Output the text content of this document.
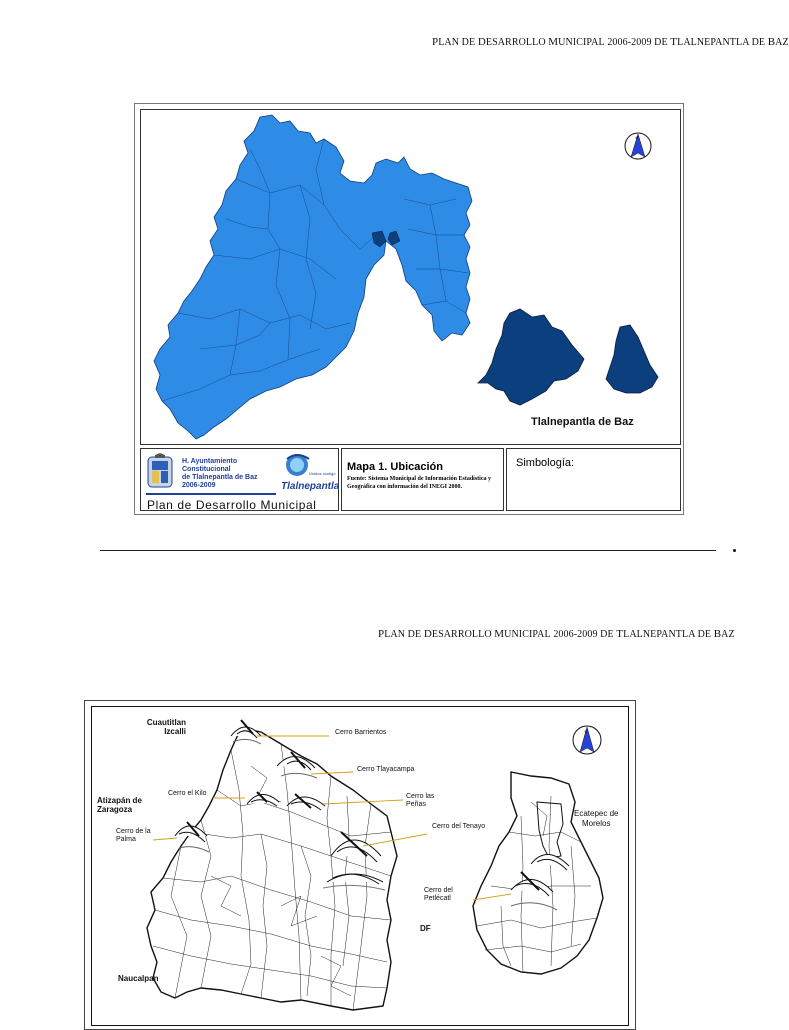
PLAN DE DESARROLLO MUNICIPAL 2006-2009 DE TLALNEPANTLA DE BAZ
N
Tlalnepantla de Baz
H. Ayuntamiento
Constitucional
de Tlalnepantla de Baz
2006-2009
Unidos contigo
Tlalnepantla
Plan de Desarrollo Municipal
Mapa 1. Ubicación
Fuente: Sistema Municipal de Información Estadística y Geográfica con información del INEGI 2000.
Simbología:
PLAN DE DESARROLLO MUNICIPAL 2006-2009 DE TLALNEPANTLA DE BAZ
N
Cuautitlan
Izcalli	Cerro Barrientos
Cerro Tlayacampa
Cerro el Kilo
Atizapán de
Zaragoza
Cerro las
Peñas
Ecatepec de
Morelos
Cerro del Tenayo
Cerro de la
Palma
Cerro del
Petlécatl
DF
Naucalpan
